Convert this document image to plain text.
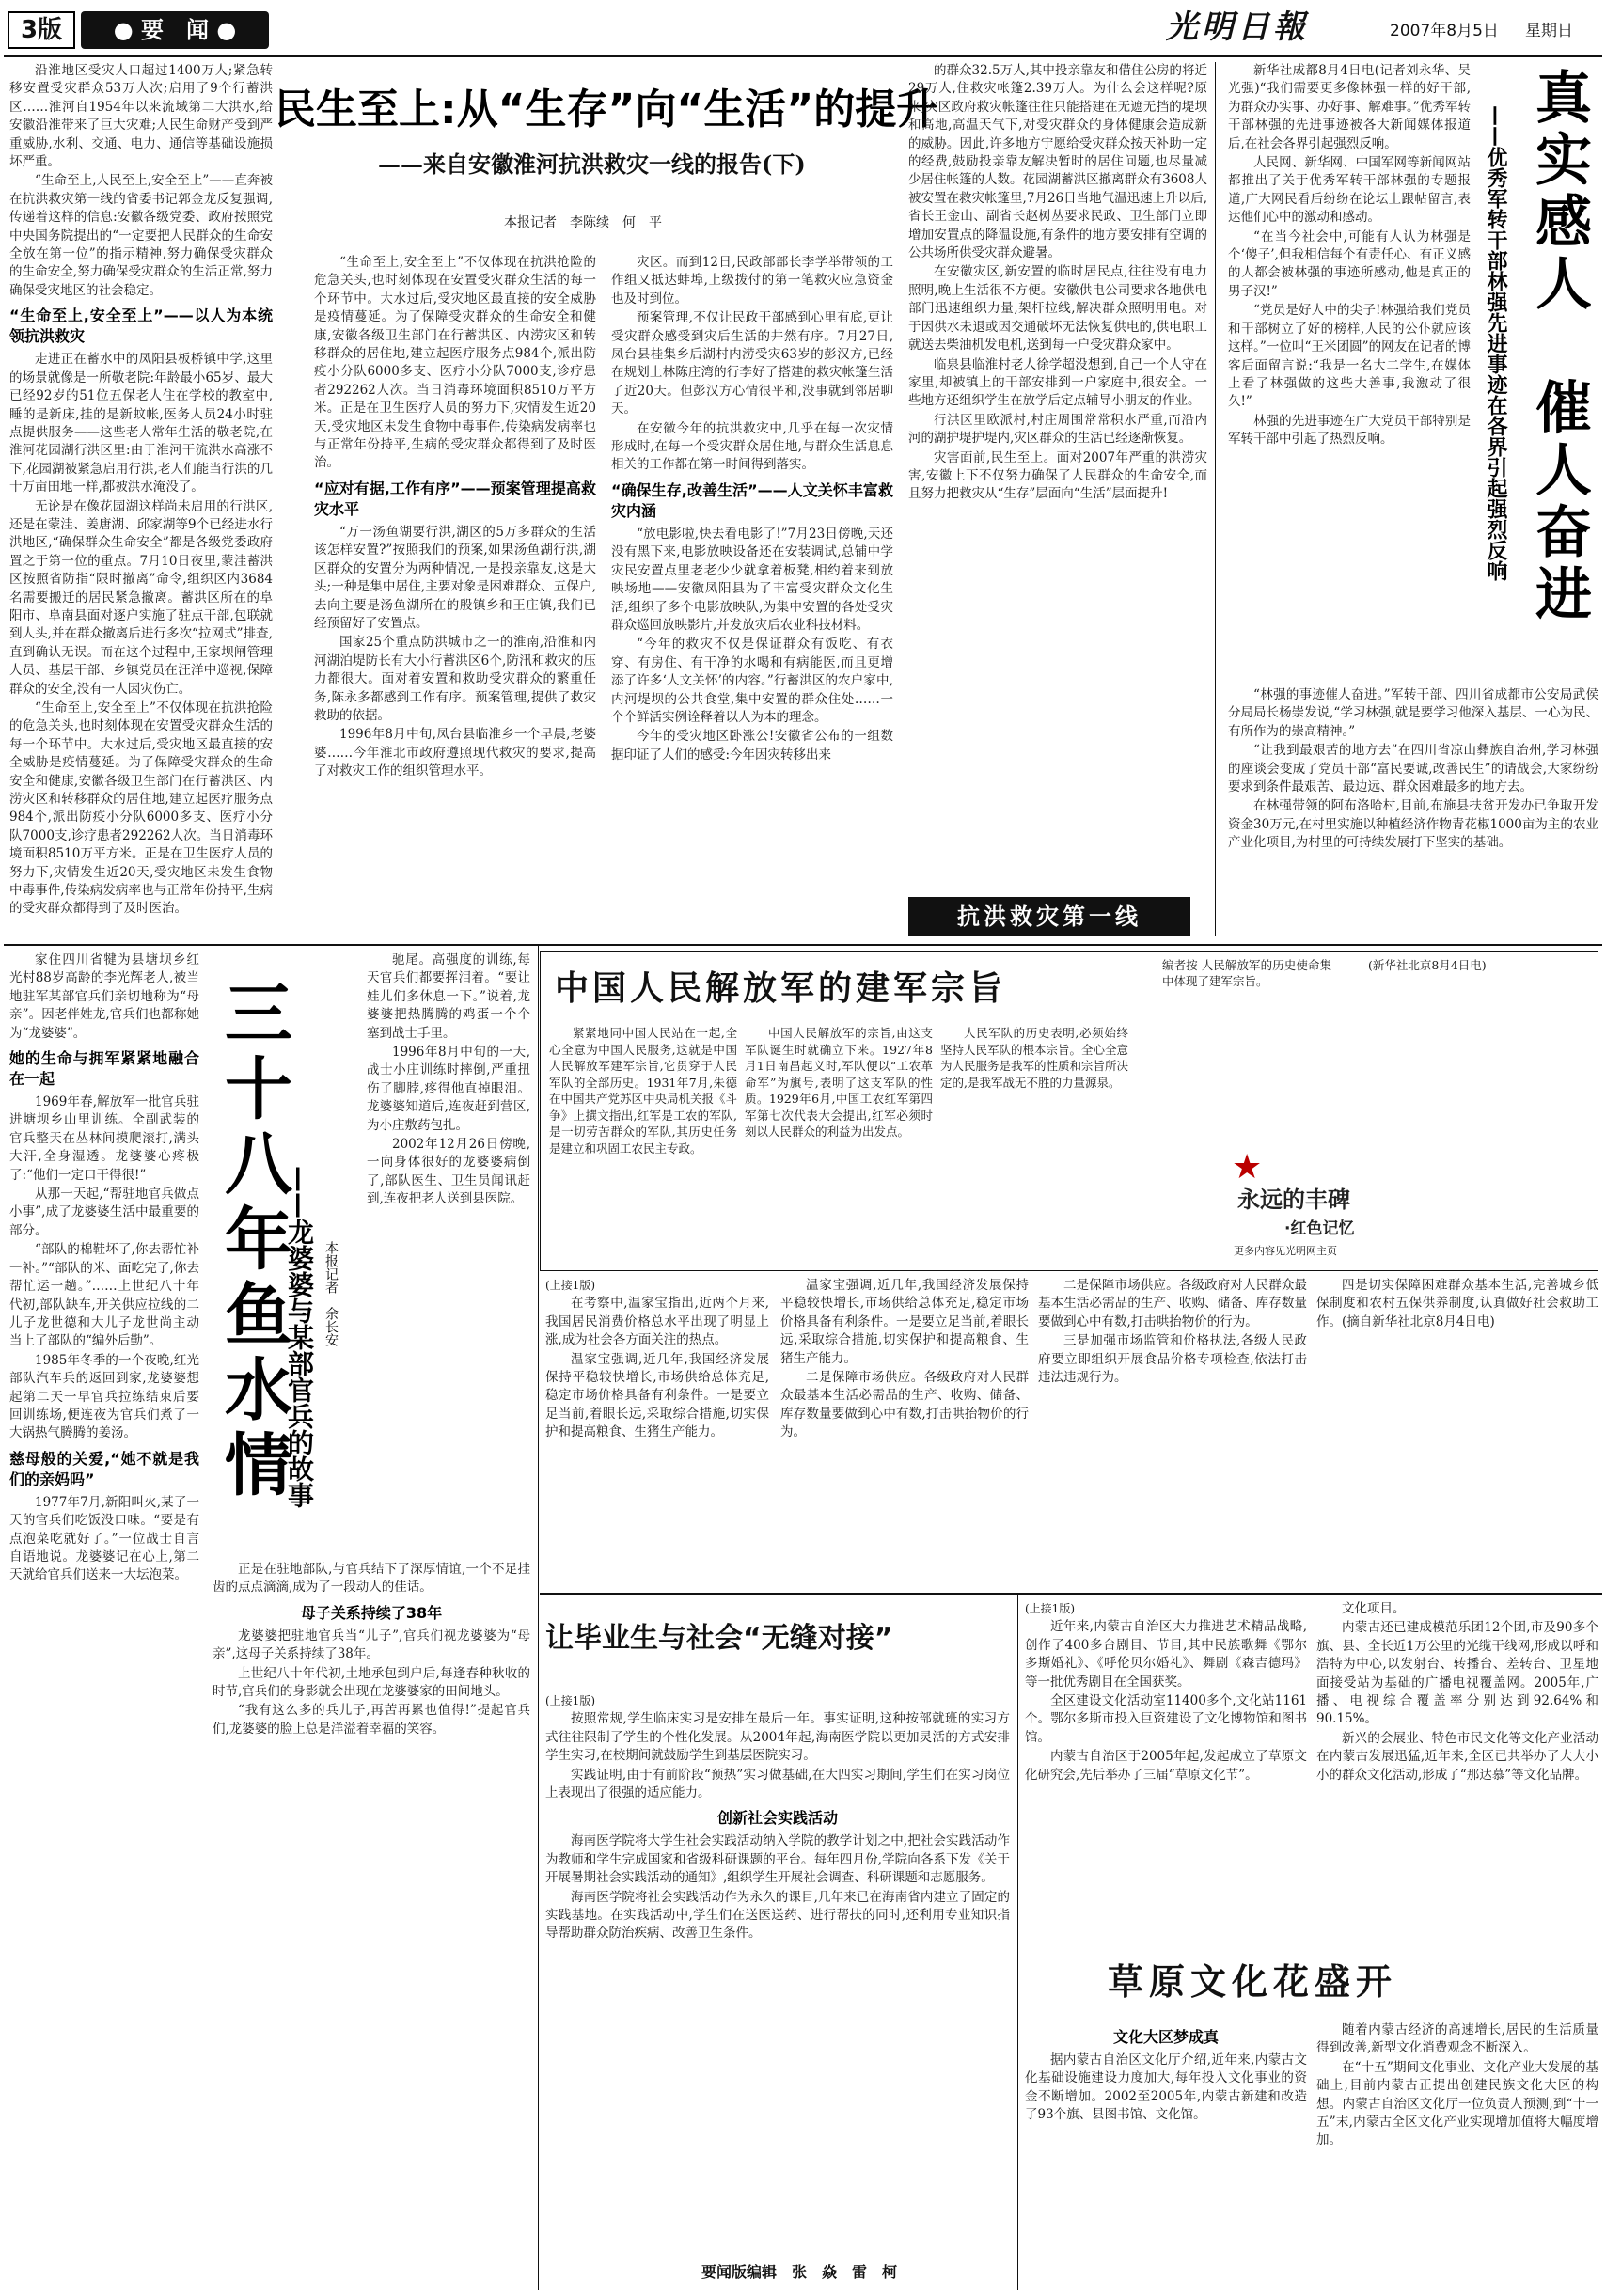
3版	● 要　闻 ●	光明日報	2007年8月5日	星期日
民生至上:从“生存”向“生活”的提升
——来自安徽淮河抗洪救灾一线的报告(下)
本报记者　李陈续　何　平

沿淮地区受灾人口超过1400万人;紧急转移安置受灾群众53万人次;启用了9个行蓄洪区……淮河自1954年以来流域第二大洪水,给安徽沿淮带来了巨大灾难;人民生命财产受到严重威胁,水利、交通、电力、通信等基础设施损坏严重。

“生命至上,人民至上,安全至上”——直奔被在抗洪救灾第一线的省委书记郭金龙反复强调,传递着这样的信息:安徽各级党委、政府按照党中央国务院提出的“一定要把人民群众的生命安全放在第一位”的指示精神,努力确保受灾群众的生命安全,努力确保受灾群众的生活正常,努力确保受灾地区的社会稳定。

“生命至上,安全至上”——以人为本统领抗洪救灾

走进正在蓄水中的凤阳县板桥镇中学,这里的场景就像是一所敬老院:年龄最小65岁、最大已经92岁的51位五保老人住在学校的教室中,睡的是新床,挂的是新蚊帐,医务人员24小时驻点提供服务——这些老人常年生活的敬老院,在淮河花园湖行洪区里:由于淮河干流洪水高涨不下,花园湖被紧急启用行洪,老人们能当行洪的几十万亩田地一样,都被洪水淹没了。

无论是在像花园湖这样尚未启用的行洪区,还是在蒙洼、姜唐湖、邱家湖等9个已经进水行洪地区,“确保群众生命安全”都是各级党委政府置之于第一位的重点。7月10日夜里,蒙洼蓄洪区按照省防指“限时撤离”命令,组织区内3684名需要搬迁的居民紧急撤离。蓄洪区所在的阜阳市、阜南县面对逐户实施了驻点干部,包联就到人头,并在群众撤离后进行多次“拉网式”排查,直到确认无误。而在这个过程中,王家坝闸管理人员、基层干部、乡镇党员在汪洋中巡视,保障群众的安全,没有一人因灾伤亡。

“生命至上,安全至上”不仅体现在抗洪抢险的危急关头,也时刻体现在安置受灾群众生活的每一个环节中。大水过后,受灾地区最直接的安全威胁是疫情蔓延。为了保障受灾群众的生命安全和健康,安徽各级卫生部门在行蓄洪区、内涝灾区和转移群众的居住地,建立起医疗服务点984个,派出防疫小分队6000多支、医疗小分队7000支,诊疗患者292262人次。当日消毒环境面积8510万平方米。正是在卫生医疗人员的努力下,灾情发生近20天,受灾地区未发生食物中毒事件,传染病发病率也与正常年份持平,生病的受灾群众都得到了及时医治。

“生命至上,安全至上”不仅体现在抗洪抢险的危急关头,也时刻体现在安置受灾群众生活的每一个环节中。大水过后,受灾地区最直接的安全威胁是疫情蔓延。为了保障受灾群众的生命安全和健康,安徽各级卫生部门在行蓄洪区、内涝灾区和转移群众的居住地,建立起医疗服务点984个,派出防疫小分队6000多支、医疗小分队7000支,诊疗患者292262人次。当日消毒环境面积8510万平方米。正是在卫生医疗人员的努力下,灾情发生近20天,受灾地区未发生食物中毒事件,传染病发病率也与正常年份持平,生病的受灾群众都得到了及时医治。

“应对有据,工作有序”——预案管理提高救灾水平

“万一汤鱼湖要行洪,湖区的5万多群众的生活该怎样安置?”按照我们的预案,如果汤鱼湖行洪,湖区群众的安置分为两种情况,一是投亲靠友,这是大头;一种是集中居住,主要对象是困难群众、五保户,去向主要是汤鱼湖所在的殷镇乡和王庄镇,我们已经预留好了安置点。

国家25个重点防洪城市之一的淮南,沿淮和内河湖泊堤防长有大小行蓄洪区6个,防汛和救灾的压力都很大。面对着安置和救助受灾群众的繁重任务,陈永多都感到工作有序。预案管理,提供了救灾救助的依据。

1996年8月中旬,凤台县临淮乡一个早晨,老婆婆……今年淮北市政府遵照现代救灾的要求,提高了对救灾工作的组织管理水平。

灾区。而到12日,民政部部长李学举带领的工作组又抵达蚌埠,上级拨付的第一笔救灾应急资金也及时到位。

预案管理,不仅让民政干部感到心里有底,更让受灾群众感受到灾后生活的井然有序。7月27日,凤台县桂集乡后湖村内涝受灾63岁的彭汉方,已经在规划上林陈庄湾的行李好了搭建的救灾帐篷生活了近20天。但彭汉方心情很平和,没事就到邻居聊天。

在安徽今年的抗洪救灾中,几乎在每一次灾情形成时,在每一个受灾群众居住地,与群众生活息息相关的工作都在第一时间得到落实。

“确保生存,改善生活”——人文关怀丰富救灾内涵

“放电影啦,快去看电影了!”7月23日傍晚,天还没有黑下来,电影放映设备还在安装调试,总铺中学灾民安置点里老老少少就拿着板凳,相约着来到放映场地——安徽凤阳县为了丰富受灾群众文化生活,组织了多个电影放映队,为集中安置的各处受灾群众巡回放映影片,并发放灾后农业科技材料。

“今年的救灾不仅是保证群众有饭吃、有衣穿、有房住、有干净的水喝和有病能医,而且更增添了许多‘人文关怀’的内容。”行蓄洪区的农户家中,内河堤坝的公共食堂,集中安置的群众住处……一个个鲜活实例诠释着以人为本的理念。

今年的受灾地区卧涨公!安徽省公布的一组数据印证了人们的感受:今年因灾转移出来

的群众32.5万人,其中投亲靠友和借住公房的将近29万人,住救灾帐篷2.39万人。为什么会这样呢?原来,灾区政府救灾帐篷往往只能搭建在无遮无挡的堤坝和高地,高温天气下,对受灾群众的身体健康会造成新的威胁。因此,许多地方宁愿给受灾群众按天补助一定的经费,鼓励投亲靠友解决暂时的居住问题,也尽量减少居住帐篷的人数。花园湖蓄洪区撤离群众有3608人被安置在救灾帐篷里,7月26日当地气温迅速上升以后,省长王金山、副省长赵树丛要求民政、卫生部门立即增加安置点的降温设施,有条件的地方要安排有空调的公共场所供受灾群众避暑。

在安徽灾区,新安置的临时居民点,往往没有电力照明,晚上生活很不方便。安徽供电公司要求各地供电部门迅速组织力量,架杆拉线,解决群众照明用电。对于因供水未退或因交通破坏无法恢复供电的,供电职工就送去柴油机发电机,送到每一户受灾群众家中。

临泉县临淮村老人徐学超没想到,自己一个人守在家里,却被镇上的干部安排到一户家庭中,很安全。一些地方还组织学生在放学后定点辅导小朋友的作业。

行洪区里欧派村,村庄周围常常积水严重,而沿内河的湖护堤护堤内,灾区群众的生活已经逐渐恢复。

灾害面前,民生至上。面对2007年严重的洪涝灾害,安徽上下不仅努力确保了人民群众的生命安全,而且努力把救灾从“生存”层面向“生活”层面提升!

抗洪救灾第一线
真实感人　催人奋进
——优秀军转干部林强先进事迹在各界引起强烈反响

新华社成都8月4日电(记者刘永华、吴光强)“我们需要更多像林强一样的好干部,为群众办实事、办好事、解难事。”优秀军转干部林强的先进事迹被各大新闻媒体报道后,在社会各界引起强烈反响。

人民网、新华网、中国军网等新闻网站都推出了关于优秀军转干部林强的专题报道,广大网民看后纷纷在论坛上跟帖留言,表达他们心中的激动和感动。

“在当今社会中,可能有人认为林强是个‘傻子’,但我相信每个有责任心、有正义感的人都会被林强的事迹所感动,他是真正的男子汉!”

“党员是好人中的尖子!林强给我们党员和干部树立了好的榜样,人民的公仆就应该这样。”一位叫“王米团圆”的网友在记者的博客后面留言说:“我是一名大二学生,在媒体上看了林强做的这些大善事,我激动了很久!”

林强的先进事迹在广大党员干部特别是军转干部中引起了热烈反响。

“林强的事迹催人奋进。”军转干部、四川省成都市公安局武侯分局局长杨崇发说,“学习林强,就是要学习他深入基层、一心为民、有所作为的崇高精神。”

“让我到最艰苦的地方去”在四川省凉山彝族自治州,学习林强的座谈会变成了党员干部“富民要诚,改善民生”的请战会,大家纷纷要求到条件最艰苦、最边远、群众困难最多的地方去。

在林强带领的阿布洛哈村,目前,布施县扶贫开发办已争取开发资金30万元,在村里实施以种植经济作物青花椒1000亩为主的农业产业化项目,为村里的可持续发展打下坚实的基础。

三十八年鱼水情
——龙婆婆与某部官兵的故事 本报记者　余长安

家住四川省犍为县塘坝乡红光村88岁高龄的李光辉老人,被当地驻军某部官兵们亲切地称为“母亲”。因老伴姓龙,官兵们也都称她为“龙婆婆”。

她的生命与拥军紧紧地融合在一起

1969年春,解放军一批官兵驻进塘坝乡山里训练。全副武装的官兵整天在丛林间摸爬滚打,满头大汗,全身湿透。龙婆婆心疼极了:“他们一定口干得很!”

从那一天起,“帮驻地官兵做点小事”,成了龙婆婆生活中最重要的部分。

“部队的棉鞋坏了,你去帮忙补一补。”“部队的米、面吃完了,你去帮忙运一趟。”……上世纪八十年代初,部队缺车,开关供应拉线的二儿子龙世德和大儿子龙世尚主动当上了部队的“编外后勤”。

1985年冬季的一个夜晚,红光部队汽车兵的返回到家,龙婆婆想起第二天一早官兵拉练结束后要回训练场,便连夜为官兵们煮了一大锅热气腾腾的姜汤。

慈母般的关爱,“她不就是我们的亲妈吗”

1977年7月,新阳叫火,某了一天的官兵们吃饭没口味。“要是有点泡菜吃就好了。”一位战士自言自语地说。龙婆婆记在心上,第二天就给官兵们送来一大坛泡菜。

驰尾。高强度的训练,每天官兵们都要挥泪着。“要让娃儿们多休息一下。”说着,龙婆婆把热腾腾的鸡蛋一个个塞到战士手里。

1996年8月中旬的一天,战士小庄训练时摔倒,严重扭伤了脚脖,疼得他直掉眼泪。龙婆婆知道后,连夜赶到营区,为小庄敷药包扎。

2002年12月26日傍晚,一向身体很好的龙婆婆病倒了,部队医生、卫生员闻讯赶到,连夜把老人送到县医院。

正是在驻地部队,与官兵结下了深厚情谊,一个不足挂齿的点点滴滴,成为了一段动人的佳话。

母子关系持续了38年

龙婆婆把驻地官兵当“儿子”,官兵们视龙婆婆为“母亲”,这母子关系持续了38年。

上世纪八十年代初,土地承包到户后,每逢春种秋收的时节,官兵们的身影就会出现在龙婆婆家的田间地头。

“我有这么多的兵儿子,再苦再累也值得!”提起官兵们,龙婆婆的脸上总是洋溢着幸福的笑容。

中国人民解放军的建军宗旨
编者按 人民解放军的历史使命集中体现了建军宗旨。

紧紧地同中国人民站在一起,全心全意为中国人民服务,这就是中国人民解放军建军宗旨,它贯穿于人民军队的全部历史。1931年7月,朱德在中国共产党苏区中央局机关报《斗争》上撰文指出,红军是工农的军队,是一切劳苦群众的军队,其历史任务是建立和巩固工农民主专政。

中国人民解放军的宗旨,由这支军队诞生时就确立下来。1927年8月1日南昌起义时,军队便以“工农革命军”为旗号,表明了这支军队的性质。1929年6月,中国工农红军第四军第七次代表大会提出,红军必须时刻以人民群众的利益为出发点。

人民军队的历史表明,必须始终坚持人民军队的根本宗旨。全心全意为人民服务是我军的性质和宗旨所决定的,是我军战无不胜的力量源泉。

★
永远的丰碑
·红色记忆
更多内容见光明网主页

(新华社北京8月4日电)

(上接1版)

在考察中,温家宝指出,近两个月来,我国居民消费价格总水平出现了明显上涨,成为社会各方面关注的热点。

温家宝强调,近几年,我国经济发展保持平稳较快增长,市场供给总体充足,稳定市场价格具备有利条件。一是要立足当前,着眼长远,采取综合措施,切实保护和提高粮食、生猪生产能力。

温家宝强调,近几年,我国经济发展保持平稳较快增长,市场供给总体充足,稳定市场价格具备有利条件。一是要立足当前,着眼长远,采取综合措施,切实保护和提高粮食、生猪生产能力。

二是保障市场供应。各级政府对人民群众最基本生活必需品的生产、收购、储备、库存数量要做到心中有数,打击哄抬物价的行为。

二是保障市场供应。各级政府对人民群众最基本生活必需品的生产、收购、储备、库存数量要做到心中有数,打击哄抬物价的行为。

三是加强市场监管和价格执法,各级人民政府要立即组织开展食品价格专项检查,依法打击违法违规行为。

四是切实保障困难群众基本生活,完善城乡低保制度和农村五保供养制度,认真做好社会救助工作。(摘自新华社北京8月4日电)

让毕业生与社会“无缝对接”
(上接1版)

按照常规,学生临床实习是安排在最后一年。事实证明,这种按部就班的实习方式往往限制了学生的个性化发展。从2004年起,海南医学院以更加灵活的方式安排学生实习,在校期间就鼓励学生到基层医院实习。

实践证明,由于有前阶段“预热”实习做基础,在大四实习期间,学生们在实习岗位上表现出了很强的适应能力。

创新社会实践活动

海南医学院将大学生社会实践活动纳入学院的教学计划之中,把社会实践活动作为教师和学生完成国家和省级科研课题的平台。每年四月份,学院向各系下发《关于开展暑期社会实践活动的通知》,组织学生开展社会调查、科研课题和志愿服务。

海南医学院将社会实践活动作为永久的课目,几年来已在海南省内建立了固定的实践基地。在实践活动中,学生们在送医送药、进行帮扶的同时,还利用专业知识指导帮助群众防治疾病、改善卫生条件。

要闻版编辑　张　焱　雷　柯
(上接1版)

近年来,内蒙古自治区大力推进艺术精品战略,创作了400多台剧目、节目,其中民族歌舞《鄂尔多斯婚礼》、《呼伦贝尔婚礼》、舞剧《森吉德玛》等一批优秀剧目在全国获奖。

全区建设文化活动室11400多个,文化站1161个。鄂尔多斯市投入巨资建设了文化博物馆和图书馆。

内蒙古自治区于2005年起,发起成立了草原文化研究会,先后举办了三届“草原文化节”。

草原文化花盛开

文化项目。

内蒙古还已建成模范乐团12个团,市及90多个旗、县、全长近1万公里的光缆干线网,形成以呼和浩特为中心,以发射台、转播台、差转台、卫星地面接受站为基础的广播电视覆盖网。2005年,广播、电视综合覆盖率分别达到92.64%和90.15%。

新兴的会展业、特色市民文化等文化产业活动在内蒙古发展迅猛,近年来,全区已共举办了大大小小的群众文化活动,形成了“那达慕”等文化品牌。

文化大区梦成真

据内蒙古自治区文化厅介绍,近年来,内蒙古文化基础设施建设力度加大,每年投入文化事业的资金不断增加。2002至2005年,内蒙古新建和改造了93个旗、县图书馆、文化馆。

随着内蒙古经济的高速增长,居民的生活质量得到改善,新型文化消费观念不断深入。

在“十五”期间文化事业、文化产业大发展的基础上,目前内蒙古正提出创建民族文化大区的构想。内蒙古自治区文化厅一位负责人预测,到“十一五”末,内蒙古全区文化产业实现增加值将大幅度增加。
